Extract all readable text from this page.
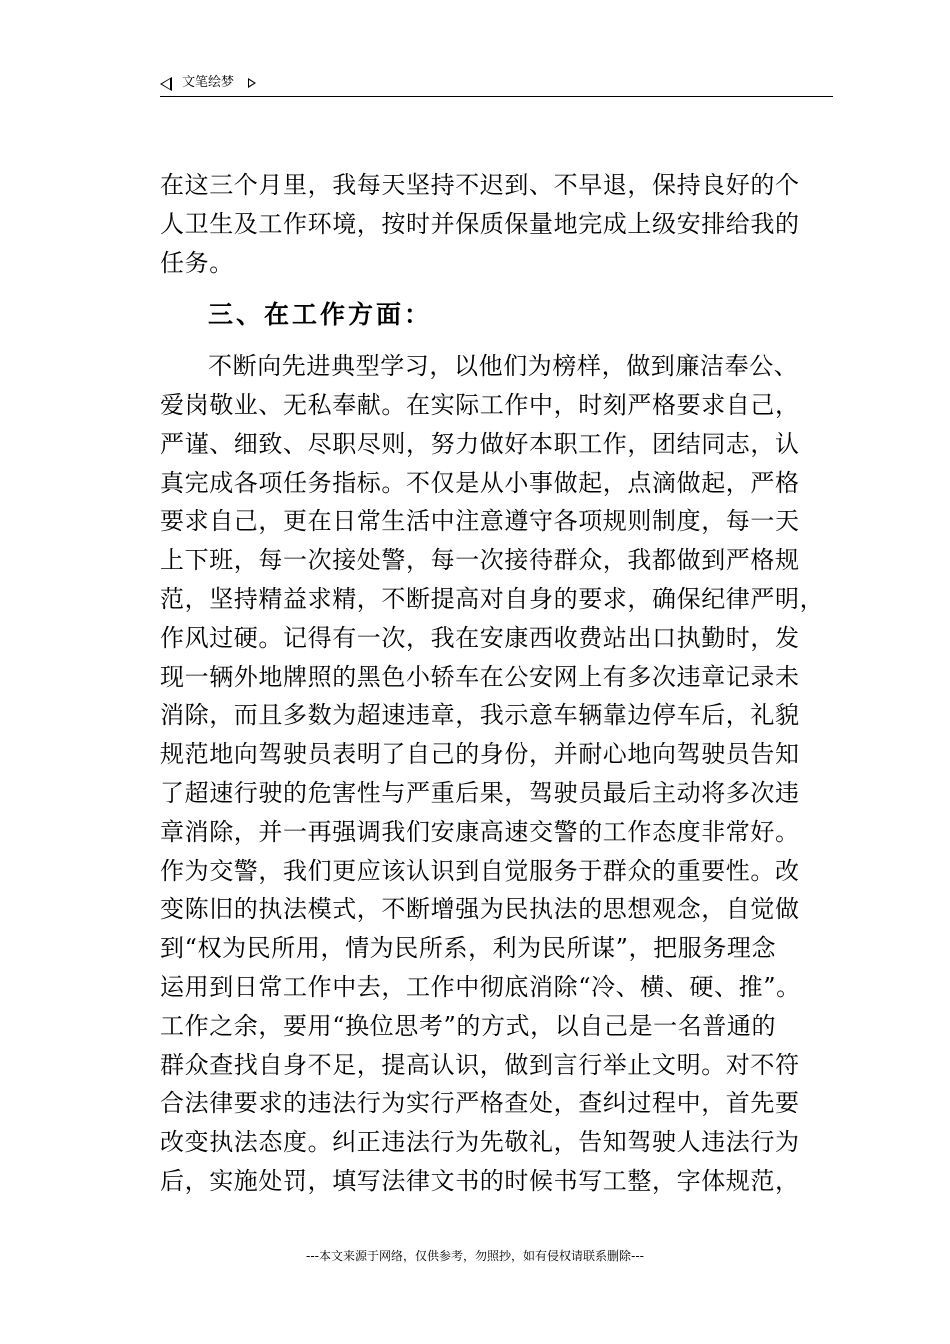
文笔绘梦
在这三个月里，我每天坚持不迟到、不早退，保持良好的个
人卫生及工作环境，按时并保质保量地完成上级安排给我的
任务。
三、在工作方面：
不断向先进典型学习，以他们为榜样，做到廉洁奉公、
爱岗敬业、无私奉献。在实际工作中，时刻严格要求自己，
严谨、细致、尽职尽则，努力做好本职工作，团结同志，认
真完成各项任务指标。不仅是从小事做起，点滴做起，严格
要求自己，更在日常生活中注意遵守各项规则制度，每一天
上下班，每一次接处警，每一次接待群众，我都做到严格规
范，坚持精益求精，不断提高对自身的要求，确保纪律严明，
作风过硬。记得有一次，我在安康西收费站出口执勤时，发
现一辆外地牌照的黑色小轿车在公安网上有多次违章记录未
消除，而且多数为超速违章，我示意车辆靠边停车后，礼貌
规范地向驾驶员表明了自己的身份，并耐心地向驾驶员告知
了超速行驶的危害性与严重后果，驾驶员最后主动将多次违
章消除，并一再强调我们安康高速交警的工作态度非常好。
作为交警，我们更应该认识到自觉服务于群众的重要性。改
变陈旧的执法模式，不断增强为民执法的思想观念，自觉做
到“权为民所用，情为民所系，利为民所谋”，把服务理念
运用到日常工作中去，工作中彻底消除“冷、横、硬、推”。
工作之余，要用“换位思考”的方式，以自己是一名普通的
群众查找自身不足，提高认识，做到言行举止文明。对不符
合法律要求的违法行为实行严格查处，查纠过程中，首先要
改变执法态度。纠正违法行为先敬礼，告知驾驶人违法行为
后，实施处罚，填写法律文书的时候书写工整，字体规范，
---本文来源于网络，仅供参考，勿照抄，如有侵权请联系删除---
